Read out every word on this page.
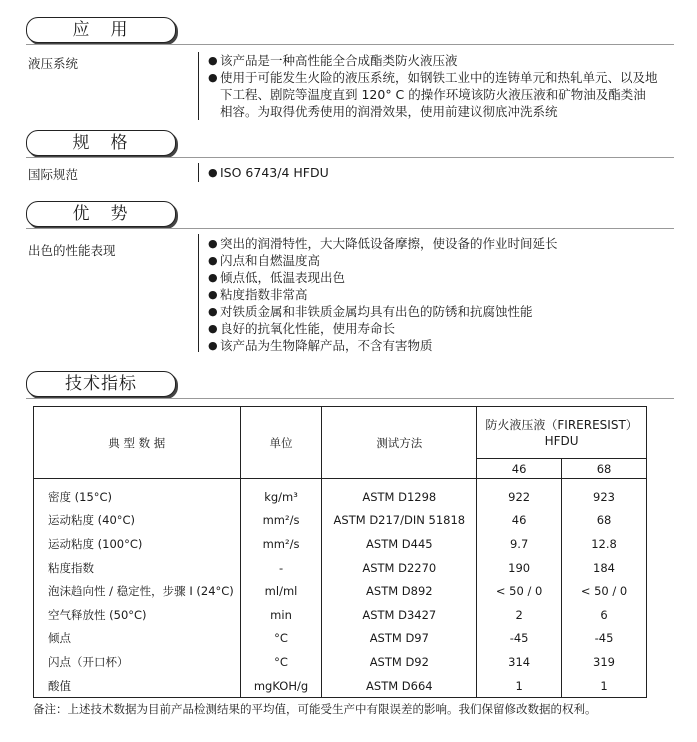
应　用
液压系统	● 该产品是一种高性能全合成酯类防火液压液
● 使用于可能发生火险的液压系统，如钢铁工业中的连铸单元和热轧单元、以及地下工程、剧院等温度直到 120° C 的操作环境该防火液压液和矿物油及酯类油相容。为取得优秀使用的润滑效果，使用前建议彻底冲洗系统
规　格
国际规范	● ISO 6743/4 HFDU
优　势
出色的性能表现	● 突出的润滑特性，大大降低设备摩擦，使设备的作业时间延长
● 闪点和自燃温度高
● 倾点低，低温表现出色
● 粘度指数非常高
● 对铁质金属和非铁质金属均具有出色的防锈和抗腐蚀性能
● 良好的抗氧化性能，使用寿命长
● 该产品为生物降解产品，不含有害物质
技术指标
典 型 数 据	单位	测试方法	防火液压液（FIRERESIST）HFDU	
			46	68
密度 (15°C)	kg/m³	ASTM D1298	922	923
运动粘度 (40°C)	mm²/s	ASTM D217/DIN 51818	46	68
运动粘度 (100°C)	mm²/s	ASTM D445	9.7	12.8
粘度指数	-	ASTM D2270	190	184
泡沫趋向性 / 稳定性，步骤 I (24°C)	ml/ml	ASTM D892	< 50 / 0	< 50 / 0
空气释放性 (50°C)	min	ASTM D3427	2	6
倾点	°C	ASTM D97	-45	-45
闪点（开口杯）	°C	ASTM D92	314	319
酸值	mgKOH/g	ASTM D664	1	1
备注：上述技术数据为目前产品检测结果的平均值，可能受生产中有限误差的影响。我们保留修改数据的权利。
